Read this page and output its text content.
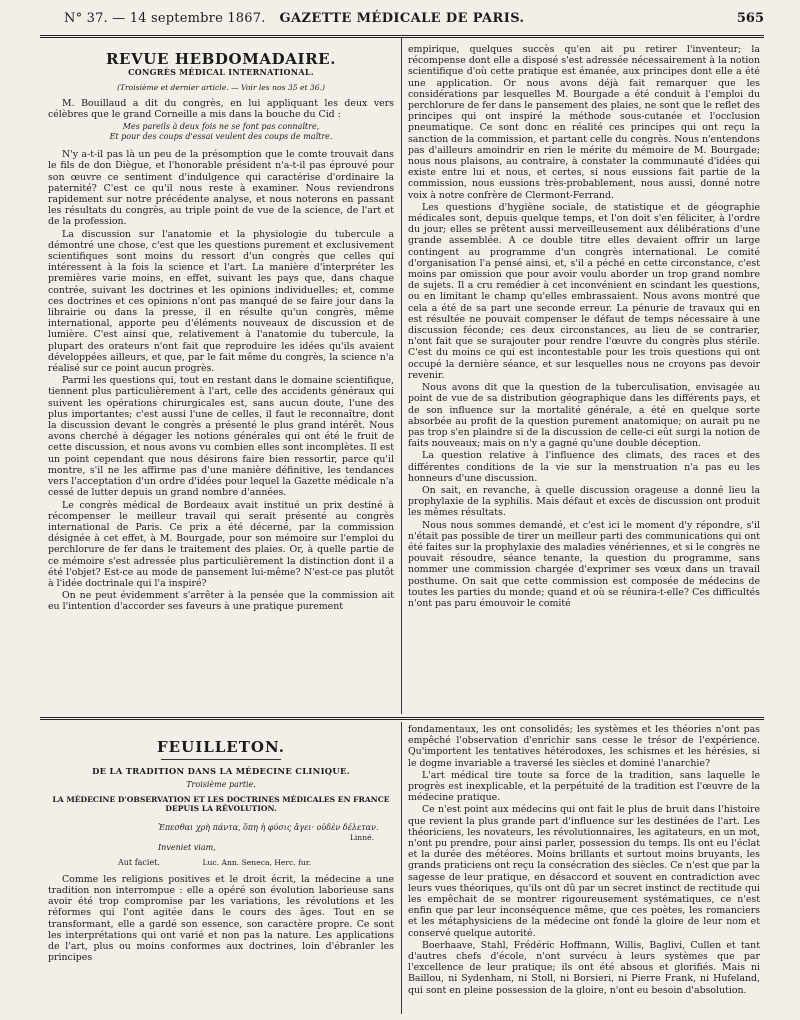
N° 37. — 14 septembre 1867.	GAZETTE MÉDICALE DE PARIS.	565
REVUE HEBDOMADAIRE.
CONGRÈS MÉDICAL INTERNATIONAL.
(Troisième et dernier article. — Voir les nos 35 et 36.)

M. Bouillaud a dit du congrès, en lui appliquant les deux vers célèbres que le grand Corneille a mis dans la bouche du Cid :

Mes pareils à deux fois ne se font pas connaître,
Et pour des coups d'essai veulent des coups de maître.

N'y a-t-il pas là un peu de la présomption que le comte trouvait dans le fils de don Diègue, et l'honorable président n'a-t-il pas éprouvé pour son œuvre ce sentiment d'indulgence qui caractérise d'ordinaire la paternité? C'est ce qu'il nous reste à examiner. Nous reviendrons rapidement sur notre précédente analyse, et nous noterons en passant les résultats du congrès, au triple point de vue de la science, de l'art et de la profession.

La discussion sur l'anatomie et la physiologie du tubercule a démontré une chose, c'est que les questions purement et exclusivement scientifiques sont moins du ressort d'un congrès que celles qui intéressent à la fois la science et l'art. La manière d'interpréter les premières varie moins, en effet, suivant les pays que, dans chaque contrée, suivant les doctrines et les opinions individuelles; et, comme ces doctrines et ces opinions n'ont pas manqué de se faire jour dans la librairie ou dans la presse, il en résulte qu'un congrès, même international, apporte peu d'éléments nouveaux de discussion et de lumière. C'est ainsi que, relativement à l'anatomie du tubercule, la plupart des orateurs n'ont fait que reproduire les idées qu'ils avaient développées ailleurs, et que, par le fait même du congrès, la science n'a réalisé sur ce point aucun progrès.

Parmi les questions qui, tout en restant dans le domaine scientifique, tiennent plus particulièrement à l'art, celle des accidents généraux qui suivent les opérations chirurgicales est, sans aucun doute, l'une des plus importantes; c'est aussi l'une de celles, il faut le reconnaître, dont la discussion devant le congrès a présenté le plus grand intérêt. Nous avons cherché à dégager les notions générales qui ont été le fruit de cette discussion, et nous avons vu combien elles sont incomplètes. Il est un point cependant que nous désirons faire bien ressortir, parce qu'il montre, s'il ne les affirme pas d'une manière définitive, les tendances vers l'acceptation d'un ordre d'idées pour lequel la Gazette médicale n'a cessé de lutter depuis un grand nombre d'années.

Le congrès médical de Bordeaux avait institué un prix destiné à récompenser le meilleur travail qui serait présenté au congrès international de Paris. Ce prix a été décerné, par la commission désignée à cet effet, à M. Bourgade, pour son mémoire sur l'emploi du perchlorure de fer dans le traitement des plaies. Or, à quelle partie de ce mémoire s'est adressée plus particulièrement la distinction dont il a été l'objet? Est-ce au mode de pansement lui-même? N'est-ce pas plutôt à l'idée doctrinale qui l'a inspiré?

On ne peut évidemment s'arrêter à la pensée que la commission ait eu l'intention d'accorder ses faveurs à une pratique purement

empirique, quelques succès qu'en ait pu retirer l'inventeur; la récompense dont elle a disposé s'est adressée nécessairement à la notion scientifique d'où cette pratique est émanée, aux principes dont elle a été une application. Or nous avons déjà fait remarquer que les considérations par lesquelles M. Bourgade a été conduit à l'emploi du perchlorure de fer dans le pansement des plaies, ne sont que le reflet des principes qui ont inspiré la méthode sous-cutanée et l'occlusion pneumatique. Ce sont donc en réalité ces principes qui ont reçu la sanction de la commission, et partant celle du congrès. Nous n'entendons pas d'ailleurs amoindrir en rien le mérite du mémoire de M. Bourgade; nous nous plaisons, au contraire, à constater la communauté d'idées qui existe entre lui et nous, et certes, si nous eussions fait partie de la commission, nous eussions très-probablement, nous aussi, donné notre voix à notre confrère de Clermont-Ferrand.

Les questions d'hygiène sociale, de statistique et de géographie médicales sont, depuis quelque temps, et l'on doit s'en féliciter, à l'ordre du jour; elles se prêtent aussi merveilleusement aux délibérations d'une grande assemblée. A ce double titre elles devaient offrir un large contingent au programme d'un congrès international. Le comité d'organisation l'a pensé ainsi, et, s'il a péché en cette circonstance, c'est moins par omission que pour avoir voulu aborder un trop grand nombre de sujets. Il a cru remédier à cet inconvénient en scindant les questions, ou en limitant le champ qu'elles embrassaient. Nous avons montré que cela a été de sa part une seconde erreur. La pénurie de travaux qui en est résultée ne pouvait compenser le défaut de temps nécessaire à une discussion féconde; ces deux circonstances, au lieu de se contrarier, n'ont fait que se surajouter pour rendre l'œuvre du congrès plus stérile. C'est du moins ce qui est incontestable pour les trois questions qui ont occupé la dernière séance, et sur lesquelles nous ne croyons pas devoir revenir.

Nous avons dit que la question de la tuberculisation, envisagée au point de vue de sa distribution géographique dans les différents pays, et de son influence sur la mortalité générale, a été en quelque sorte absorbée au profit de la question purement anatomique; on aurait pu ne pas trop s'en plaindre si de la discussion de celle-ci eût surgi la notion de faits nouveaux; mais on n'y a gagné qu'une double déception.

La question relative à l'influence des climats, des races et des différentes conditions de la vie sur la menstruation n'a pas eu les honneurs d'une discussion.

On sait, en revanche, à quelle discussion orageuse a donné lieu la prophylaxie de la syphilis. Mais défaut et excès de discussion ont produit les mêmes résultats.

Nous nous sommes demandé, et c'est ici le moment d'y répondre, s'il n'était pas possible de tirer un meilleur parti des communications qui ont été faites sur la prophylaxie des maladies vénériennes, et si le congrès ne pouvait résoudre, séance tenante, la question du programme, sans nommer une commission chargée d'exprimer ses vœux dans un travail posthume. On sait que cette commission est composée de médecins de toutes les parties du monde; quand et où se réunira-t-elle? Ces difficultés n'ont pas paru émouvoir le comité

FEUILLETON.
DE LA TRADITION DANS LA MÉDECINE CLINIQUE.
Troisième partie.
LA MÉDECINE D'OBSERVATION ET LES DOCTRINES MÉDICALES EN FRANCE
DEPUIS LA RÉVOLUTION.
Ἐπεσθαι χρὴ πάντα, ὅπη ἡ φύσις ἄγει· οὐδὲν δέλεταν.
Linné.
Inveniet viam,
Aut faciet.	Luc. Ann. Seneca, Herc. fur.

Comme les religions positives et le droit écrit, la médecine a une tradition non interrompue : elle a opéré son évolution laborieuse sans avoir été trop compromise par les variations, les révolutions et les réformes qui l'ont agitée dans le cours des âges. Tout en se transformant, elle a gardé son essence, son caractère propre. Ce sont les interprétations qui ont varié et non pas la nature. Les applications de l'art, plus ou moins conformes aux doctrines, loin d'ébranler les principes

fondamentaux, les ont consolidés; les systèmes et les théories n'ont pas empêché l'observation d'enrichir sans cesse le trésor de l'expérience. Qu'importent les tentatives hétérodoxes, les schismes et les hérésies, si le dogme invariable a traversé les siècles et dominé l'anarchie?

L'art médical tire toute sa force de la tradition, sans laquelle le progrès est inexplicable, et la perpétuité de la tradition est l'œuvre de la médecine pratique.

Ce n'est point aux médecins qui ont fait le plus de bruit dans l'histoire que revient la plus grande part d'influence sur les destinées de l'art. Les théoriciens, les novateurs, les révolutionnaires, les agitateurs, en un mot, n'ont pu prendre, pour ainsi parler, possession du temps. Ils ont eu l'éclat et la durée des météores. Moins brillants et surtout moins bruyants, les grands praticiens ont reçu la consécration des siècles. Ce n'est que par la sagesse de leur pratique, en désaccord et souvent en contradiction avec leurs vues théoriques, qu'ils ont dû par un secret instinct de rectitude qui les empêchait de se montrer rigoureusement systématiques, ce n'est enfin que par leur inconséquence même, que ces poètes, les romanciers et les métaphysiciens de la médecine ont fondé la gloire de leur nom et conservé quelque autorité.

Boerhaave, Stahl, Frédéric Hoffmann, Willis, Baglivi, Cullen et tant d'autres chefs d'école, n'ont survécu à leurs systèmes que par l'excellence de leur pratique; ils ont été absous et glorifiés. Mais ni Baillou, ni Sydenham, ni Stoll, ni Borsieri, ni Pierre Frank, ni Hufeland, qui sont en pleine possession de la gloire, n'ont eu besoin d'absolution.
